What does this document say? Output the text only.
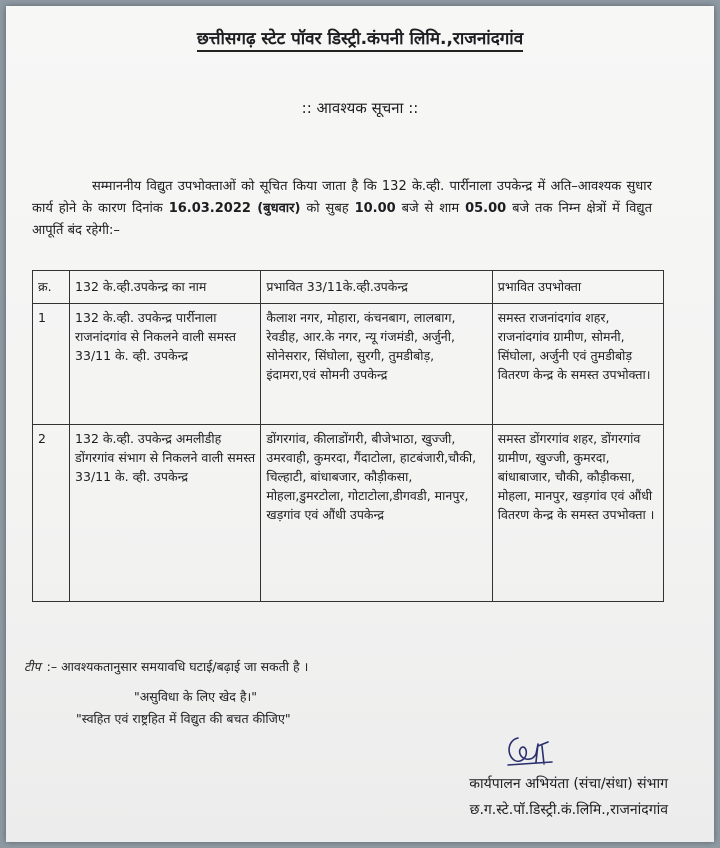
छत्तीसगढ़ स्टेट पॉवर डिस्ट्री.कंपनी लिमि.,राजनांदगांव
:: आवश्यक सूचना ::
सम्माननीय विद्युत उपभोक्ताओं को सूचित किया जाता है कि 132 के.व्ही. पार्रीनाला उपकेन्द्र में अति–आवश्यक सुधार कार्य होने के कारण दिनांक 16.03.2022 (बुधवार) को सुबह 10.00 बजे से शाम 05.00 बजे तक निम्न क्षेत्रों में विद्युत आपूर्ति बंद रहेगी:–
क्र.	132 के.व्ही.उपकेन्द्र का नाम	प्रभावित 33/11के.व्ही.उपकेन्द्र	प्रभावित उपभोक्ता
1	132 के.व्ही. उपकेन्द्र पार्रीनाला राजनांदगांव से निकलने वाली समस्त 33/11 के. व्ही. उपकेन्द्र	कैलाश नगर, मोहारा, कंचनबाग, लालबाग, रेवडीह, आर.के नगर, न्यू गंजमंडी, अर्जुनी, सोनेसरार, सिंघोला, सुरगी, तुमडीबोड़, इंदामरा,एवं सोमनी उपकेन्द्र	समस्त राजनांदगांव शहर, राजनांदगांव ग्रामीण, सोमनी, सिंघोला, अर्जुनी एवं तुमडीबोड़ वितरण केन्द्र के समस्त उपभोक्ता।
2	132 के.व्ही. उपकेन्द्र अमलीडीह डोंगरगांव संभाग से निकलने वाली समस्त 33/11 के. व्ही. उपकेन्द्र	डोंगरगांव, कीलाडोंगरी, बीजेभाठा, खुज्जी, उमरवाही, कुमरदा, गैंदाटोला, हाटबंजारी,चौकी, चिल्हाटी, बांधाबजार, कौड़ीकसा, मोहला,डुमरटोला, गोटाटोला,डीगवडी, मानपुर, खड़गांव एवं औंधी उपकेन्द्र	समस्त डोंगरगांव शहर, डोंगरगांव ग्रामीण, खुज्जी, कुमरदा, बांधाबाजार, चौकी, कौड़ीकसा, मोहला, मानपुर, खड़गांव एवं औंधी वितरण केन्द्र के समस्त उपभोक्ता ।
टीप :– आवश्यकतानुसार समयावधि घटाई/बढ़ाई जा सकती है ।
"असुविधा के लिए खेद है।"
"स्वहित एवं राष्ट्रहित में विद्युत की बचत कीजिए"
कार्यपालन अभियंता (संचा/संधा) संभाग
छ.ग.स्टे.पॉ.डिस्ट्री.कं.लिमि.,राजनांदगांव
